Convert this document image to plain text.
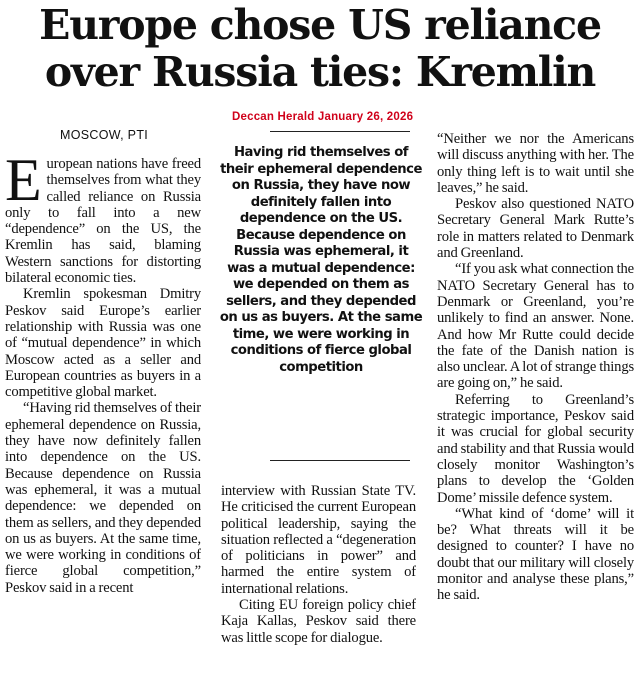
Europe chose US reliance
over Russia ties: Kremlin
Deccan Herald January 26, 2026
MOSCOW, PTI

European nations have freed themselves from what they called reliance on Russia only to fall into a new “dependence” on the US, the Kremlin has said, blaming Western sanctions for distorting bilateral economic ties.

Kremlin spokesman Dmitry Peskov said Europe’s earlier relationship with Russia was one of “mutual dependence” in which Moscow acted as a seller and European countries as buyers in a competitive global market.

“Having rid themselves of their ephemeral dependence on Russia, they have now definitely fallen into dependence on the US. Because dependence on Russia was ephemeral, it was a mutual dependence: we depended on them as sellers, and they depended on us as buyers. At the same time, we were working in conditions of fierce global competition,” Peskov said in a recent

Having rid themselves of their ephemeral dependence on Russia, they have now definitely fallen into dependence on the US. Because dependence on Russia was ephemeral, it was a mutual dependence: we depended on them as sellers, and they depended on us as buyers. At the same time, we were working in conditions of fierce global competition

interview with Russian State TV. He criticised the current European political leadership, saying the situation reflected a “degeneration of politicians in power” and harmed the entire system of international relations.

Citing EU foreign policy chief Kaja Kallas, Peskov said there was little scope for dialogue.

“Neither we nor the Americans will discuss anything with her. The only thing left is to wait until she leaves,” he said.

Peskov also questioned NATO Secretary General Mark Rutte’s role in matters related to Denmark and Greenland.

“If you ask what connection the NATO Secretary General has to Denmark or Greenland, you’re unlikely to find an answer. None. And how Mr Rutte could decide the fate of the Danish nation is also unclear. A lot of strange things are going on,” he said.

Referring to Greenland’s strategic importance, Peskov said it was crucial for global security and stability and that Russia would closely monitor Washington’s plans to develop the ‘Golden Dome’ missile defence system.

“What kind of ‘dome’ will it be? What threats will it be designed to counter? I have no doubt that our military will closely monitor and analyse these plans,” he said.
